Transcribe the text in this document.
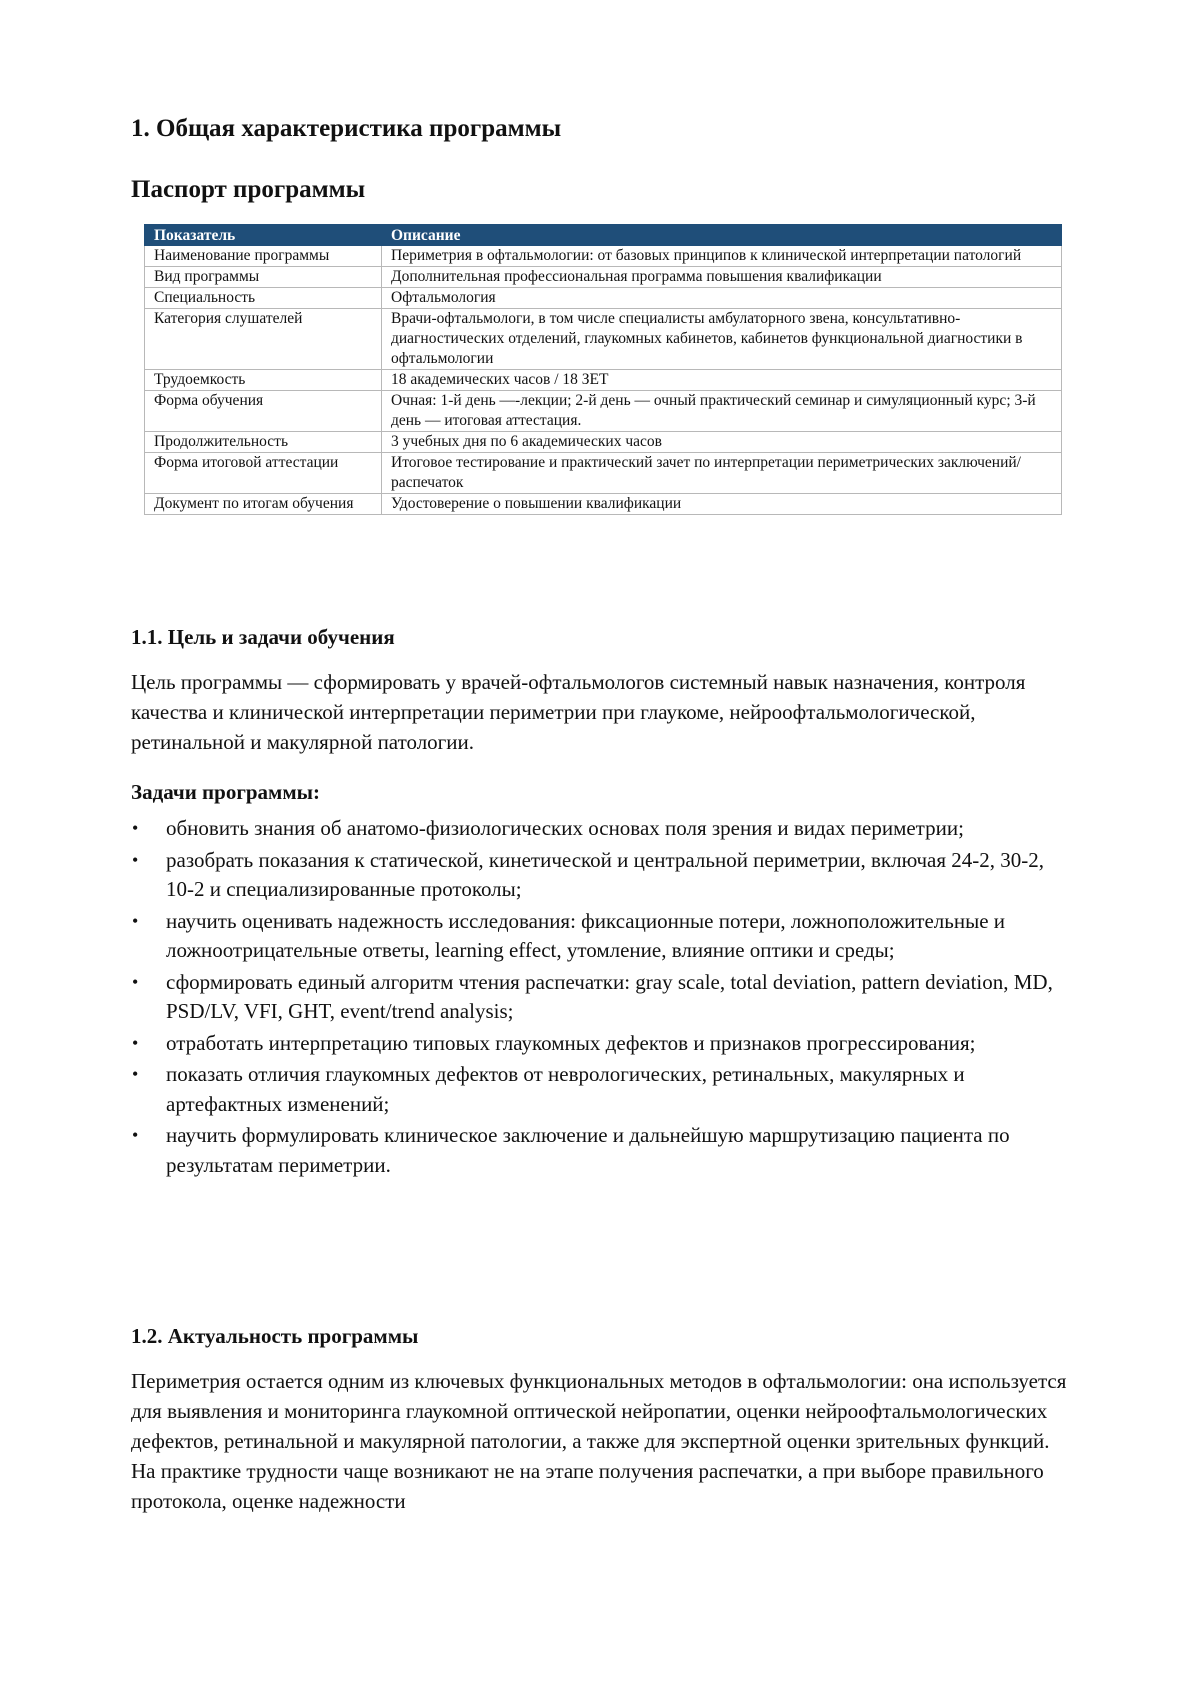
1. Общая характеристика программы
Паспорт программы
Показатель	Описание
Наименование программы	Периметрия в офтальмологии: от базовых принципов к клинической интерпретации патологий
Вид программы	Дополнительная профессиональная программа повышения квалификации
Специальность	Офтальмология
Категория слушателей	Врачи-офтальмологи, в том числе специалисты амбулаторного звена, консультативно-диагностических отделений, глаукомных кабинетов, кабинетов функциональной диагностики в офтальмологии
Трудоемкость	18 академических часов / 18 ЗЕТ
Форма обучения	Очная: 1-й день —-лекции; 2-й день — очный практический семинар и симуляционный курс; 3-й день — итоговая аттестация.
Продолжительность	3 учебных дня по 6 академических часов
Форма итоговой аттестации	Итоговое тестирование и практический зачет по интерпретации периметрических заключений/распечаток
Документ по итогам обучения	Удостоверение о повышении квалификации
1.1. Цель и задачи обучения

Цель программы — сформировать у врачей-офтальмологов системный навык назначения, контроля качества и клинической интерпретации периметрии при глаукоме, нейроофтальмологической, ретинальной и макулярной патологии.

Задачи программы:
• обновить знания об анатомо-физиологических основах поля зрения и видах периметрии;
• разобрать показания к статической, кинетической и центральной периметрии, включая 24-2, 30-2, 10-2 и специализированные протоколы;
• научить оценивать надежность исследования: фиксационные потери, ложноположительные и ложноотрицательные ответы, learning effect, утомление, влияние оптики и среды;
• сформировать единый алгоритм чтения распечатки: gray scale, total deviation, pattern deviation, MD, PSD/LV, VFI, GHT, event/trend analysis;
• отработать интерпретацию типовых глаукомных дефектов и признаков прогрессирования;
• показать отличия глаукомных дефектов от неврологических, ретинальных, макулярных и артефактных изменений;
• научить формулировать клиническое заключение и дальнейшую маршрутизацию пациента по результатам периметрии.
1.2. Актуальность программы

Периметрия остается одним из ключевых функциональных методов в офтальмологии: она используется для выявления и мониторинга глаукомной оптической нейропатии, оценки нейроофтальмологических дефектов, ретинальной и макулярной патологии, а также для экспертной оценки зрительных функций. На практике трудности чаще возникают не на этапе получения распечатки, а при выборе правильного протокола, оценке надежности
